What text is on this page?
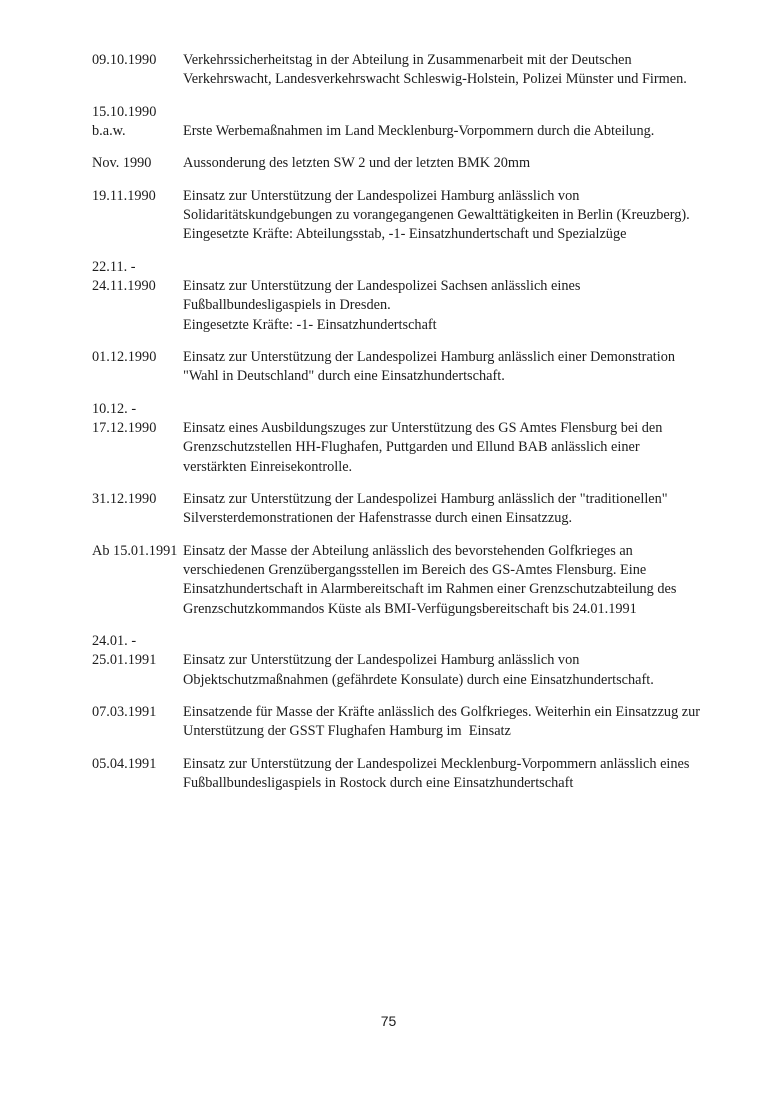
09.10.1990	Verkehrssicherheitstag in der Abteilung in Zusammenarbeit mit der Deutschen
Verkehrswacht, Landesverkehrswacht Schleswig-Holstein, Polizei Münster und Firmen.
15.10.1990
b.a.w.	Erste Werbemaßnahmen im Land Mecklenburg-Vorpommern durch die Abteilung.
Nov. 1990	Aussonderung des letzten SW 2 und der letzten BMK 20mm
19.11.1990	Einsatz zur Unterstützung der Landespolizei Hamburg anlässlich von
Solidaritätskundgebungen zu vorangegangenen Gewalttätigkeiten in Berlin (Kreuzberg).
Eingesetzte Kräfte: Abteilungsstab, -1- Einsatzhundertschaft und Spezialzüge
22.11. -
24.11.1990	Einsatz zur Unterstützung der Landespolizei Sachsen anlässlich eines
Fußballbundesligaspiels in Dresden.
Eingesetzte Kräfte: -1- Einsatzhundertschaft
01.12.1990	Einsatz zur Unterstützung der Landespolizei Hamburg anlässlich einer Demonstration
"Wahl in Deutschland" durch eine Einsatzhundertschaft.
10.12. -
17.12.1990	Einsatz eines Ausbildungszuges zur Unterstützung des GS Amtes Flensburg bei den
Grenzschutzstellen HH-Flughafen, Puttgarden und Ellund BAB anlässlich einer
verstärkten Einreisekontrolle.
31.12.1990	Einsatz zur Unterstützung der Landespolizei Hamburg anlässlich der "traditionellen"
Silversterdemonstrationen der Hafenstrasse durch einen Einsatzzug.
Ab 15.01.1991 Einsatz der Masse der Abteilung anlässlich des bevorstehenden Golfkrieges an
verschiedenen Grenzübergangsstellen im Bereich des GS-Amtes Flensburg. Eine
Einsatzhundertschaft in Alarmbereitschaft im Rahmen einer Grenzschutzabteilung des
Grenzschutzkommandos Küste als BMI-Verfügungsbereitschaft bis 24.01.1991
24.01. -
25.01.1991	Einsatz zur Unterstützung der Landespolizei Hamburg anlässlich von
Objektschutzmaßnahmen (gefährdete Konsulate) durch eine Einsatzhundertschaft.
07.03.1991	Einsatzende für Masse der Kräfte anlässlich des Golfkrieges. Weiterhin ein Einsatzzug zur
Unterstützung der GSST Flughafen Hamburg im  Einsatz
05.04.1991	Einsatz zur Unterstützung der Landespolizei Mecklenburg-Vorpommern anlässlich eines
Fußballbundesligaspiels in Rostock durch eine Einsatzhundertschaft
75
